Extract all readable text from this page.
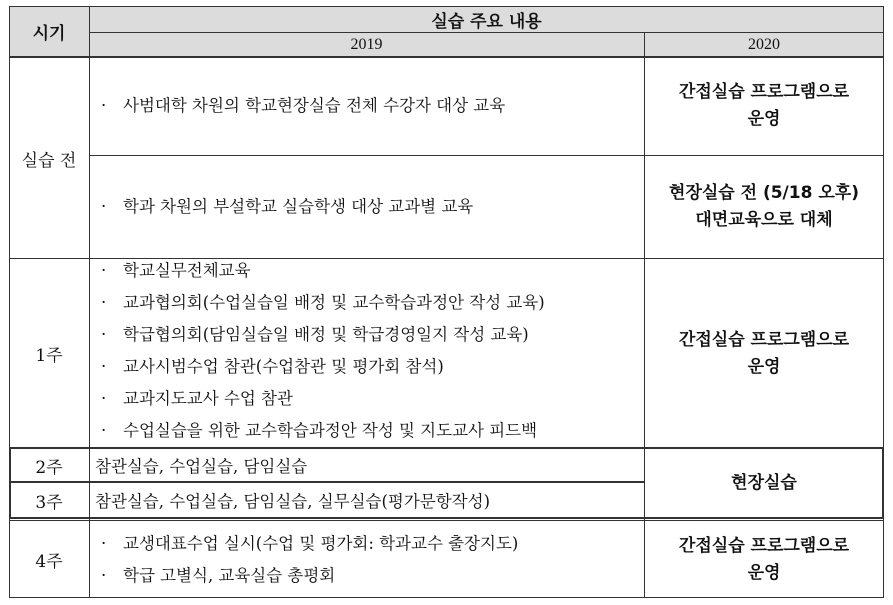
시기
실습 주요 내용
2019	2020
실습 전
· 사범대학 차원의 학교현장실습 전체 수강자 대상 교육
· 학과 차원의 부설학교 실습학생 대상 교과별 교육
간접실습 프로그램으로
운영
현장실습 전 (5/18 오후)
대면교육으로 대체
1주
· 학교실무전체교육
· 교과협의회(수업실습일 배정 및 교수학습과정안 작성 교육)
· 학급협의회(담임실습일 배정 및 학급경영일지 작성 교육)
· 교사시범수업 참관(수업참관 및 평가회 참석)
· 교과지도교사 수업 참관
· 수업실습을 위한 교수학습과정안 작성 및 지도교사 피드백
간접실습 프로그램으로
운영
2주 참관실습, 수업실습, 담임실습
3주 참관실습, 수업실습, 담임실습, 실무실습(평가문항작성)
현장실습
4주
· 교생대표수업 실시(수업 및 평가회: 학과교수 출장지도)
· 학급 고별식, 교육실습 총평회
간접실습 프로그램으로
운영
